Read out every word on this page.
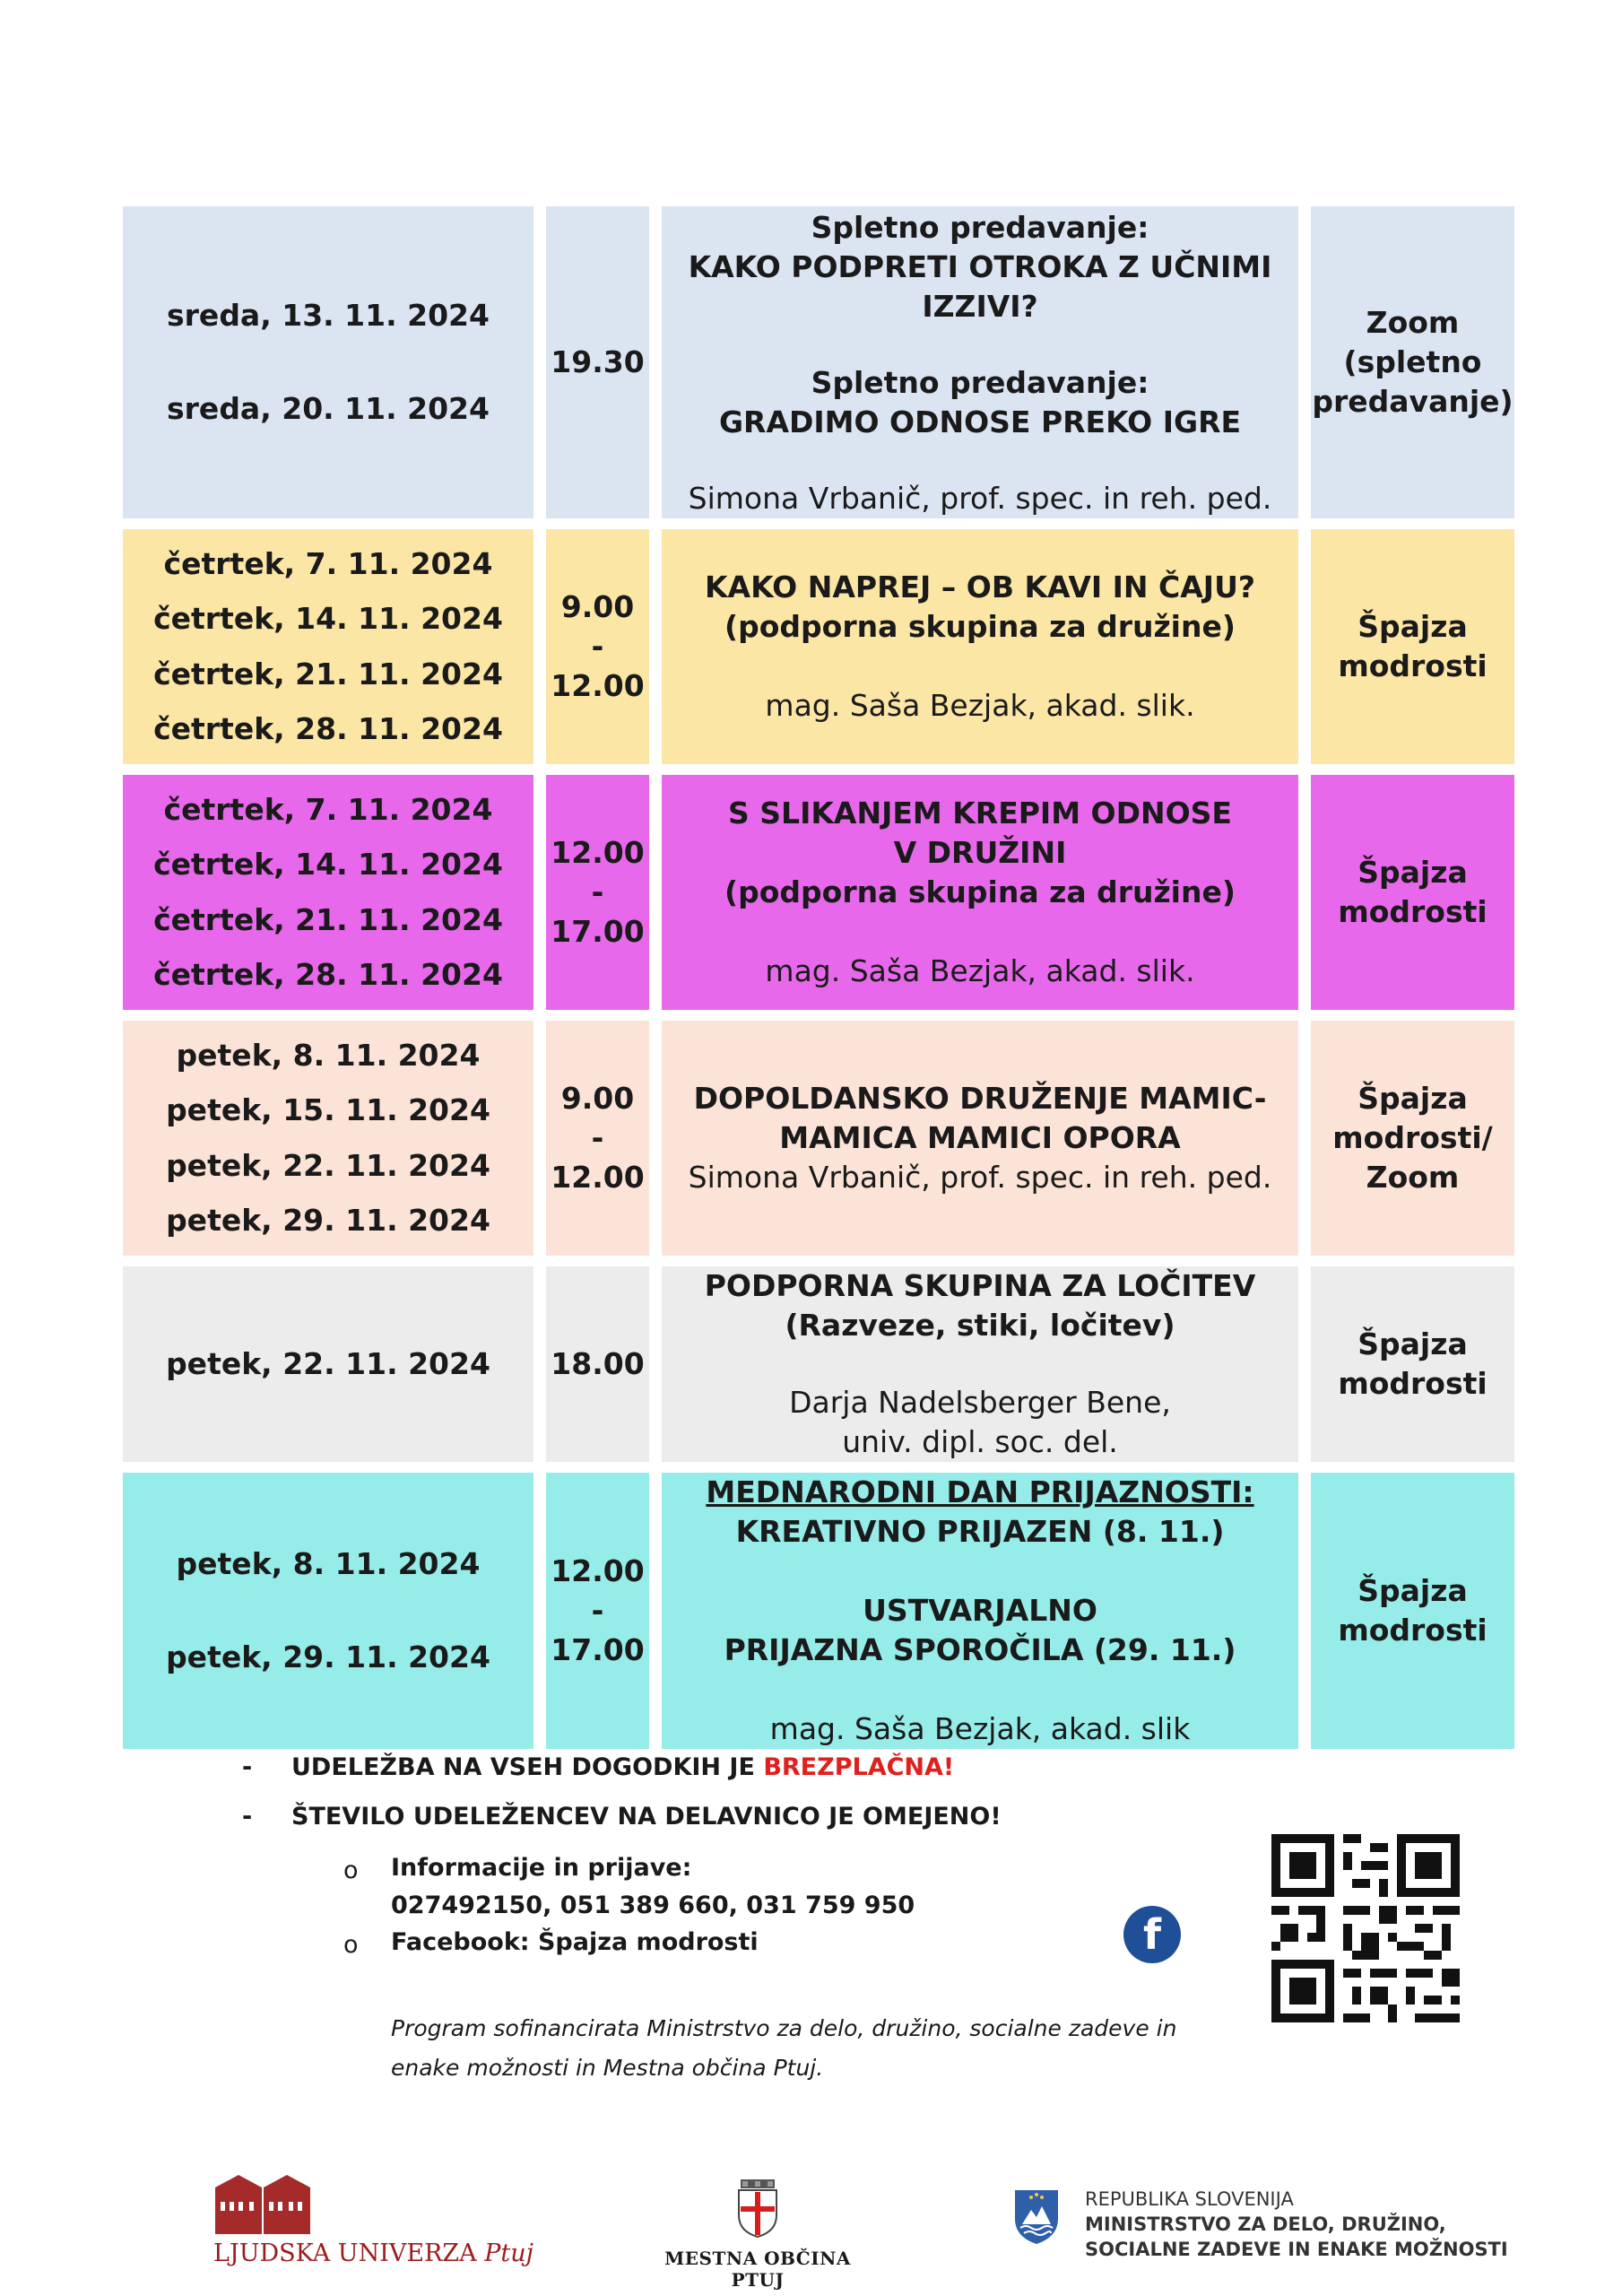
sreda, 13. 11. 2024
sreda, 20. 11. 2024
19.30
Spletno predavanje:
KAKO PODPRETI OTROKA Z UČNIMI
IZZIVI?
Spletno predavanje:
GRADIMO ODNOSE PREKO IGRE
Simona Vrbanič, prof. spec. in reh. ped.
Zoom
(spletno
predavanje)
četrtek, 7. 11. 2024
četrtek, 14. 11. 2024
četrtek, 21. 11. 2024
četrtek, 28. 11. 2024
9.00
-
12.00
KAKO NAPREJ – OB KAVI IN ČAJU?
(podporna skupina za družine)
mag. Saša Bezjak, akad. slik.
Špajza
modrosti
četrtek, 7. 11. 2024
četrtek, 14. 11. 2024
četrtek, 21. 11. 2024
četrtek, 28. 11. 2024
12.00
-
17.00
S SLIKANJEM KREPIM ODNOSE
V DRUŽINI
(podporna skupina za družine)
mag. Saša Bezjak, akad. slik.
Špajza
modrosti
petek, 8. 11. 2024
petek, 15. 11. 2024
petek, 22. 11. 2024
petek, 29. 11. 2024
9.00
-
12.00
DOPOLDANSKO DRUŽENJE MAMIC-
MAMICA MAMICI OPORA
Simona Vrbanič, prof. spec. in reh. ped.
Špajza
modrosti/
Zoom
petek, 22. 11. 2024 18.00
PODPORNA SKUPINA ZA LOČITEV
(Razveze, stiki, ločitev)
Darja Nadelsberger Bene,
univ. dipl. soc. del.
Špajza
modrosti
petek, 8. 11. 2024
petek, 29. 11. 2024
12.00
-
17.00
MEDNARODNI DAN PRIJAZNOSTI:
KREATIVNO PRIJAZEN (8. 11.)
USTVARJALNO
PRIJAZNA SPOROČILA (29. 11.)
mag. Saša Bezjak, akad. slik
Špajza
modrosti
- UDELEŽBA NA VSEH DOGODKIH JE BREZPLAČNA!
- ŠTEVILO UDELEŽENCEV NA DELAVNICO JE OMEJENO!
o Informacije in prijave:
027492150, 051 389 660, 031 759 950
o Facebook: Špajza modrosti
Program sofinancirata Ministrstvo za delo, družino, socialne zadeve in
enake možnosti in Mestna občina Ptuj.
f
LJUDSKA UNIVERZA Ptuj	MESTNA OBČINA PTUJ
REPUBLIKA SLOVENIJA
MINISTRSTVO ZA DELO, DRUŽINO,
SOCIALNE ZADEVE IN ENAKE MOŽNOSTI
